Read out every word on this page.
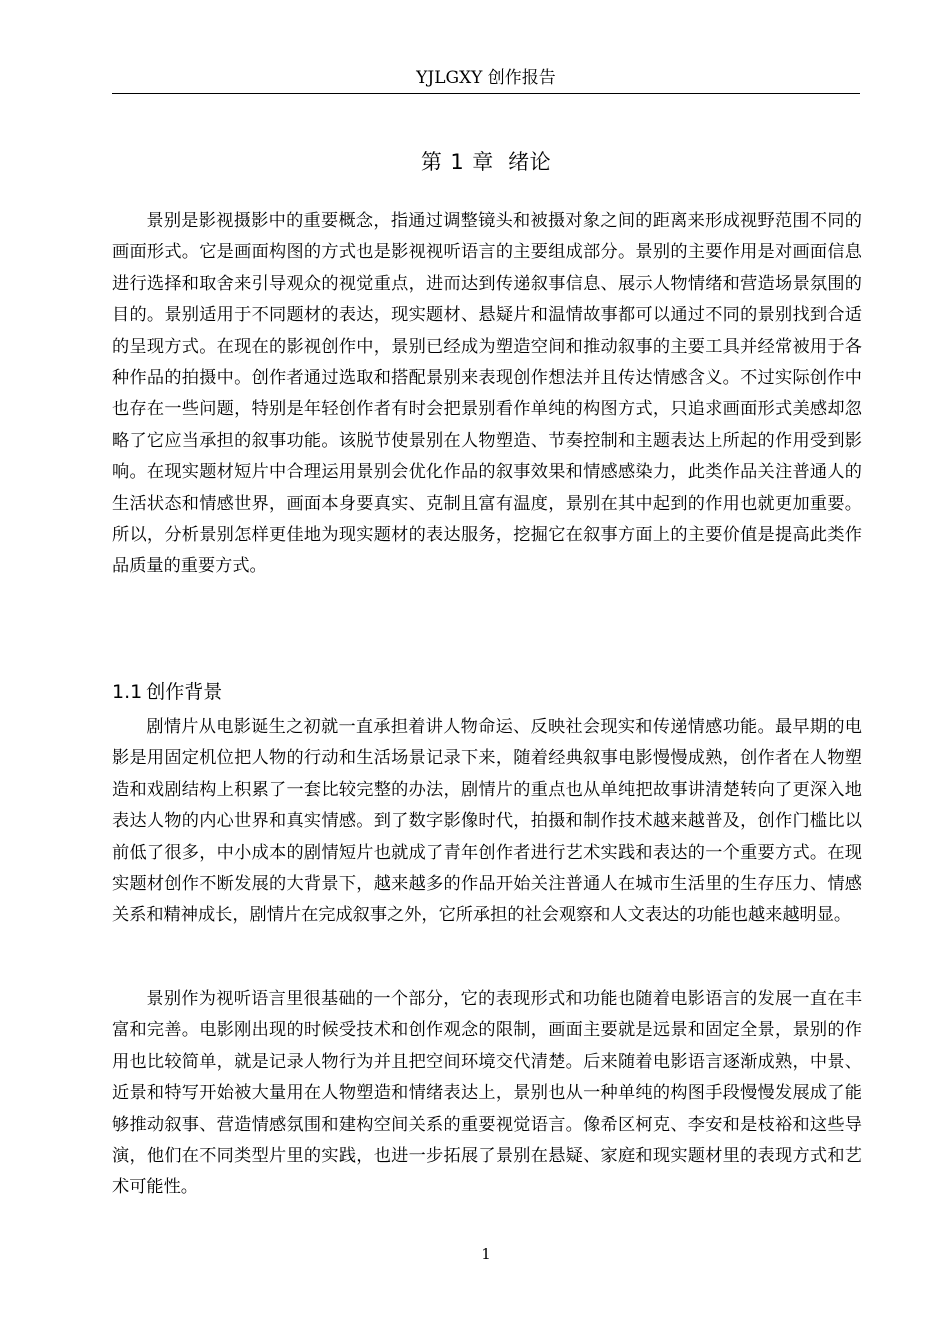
YJLGXY 创作报告
第 1 章 绪论

景别是影视摄影中的重要概念，指通过调整镜头和被摄对象之间的距离来形成视野范围不同的画面形式。它是画面构图的方式也是影视视听语言的主要组成部分。景别的主要作用是对画面信息进行选择和取舍来引导观众的视觉重点，进而达到传递叙事信息、展示人物情绪和营造场景氛围的目的。景别适用于不同题材的表达，现实题材、悬疑片和温情故事都可以通过不同的景别找到合适的呈现方式。在现在的影视创作中，景别已经成为塑造空间和推动叙事的主要工具并经常被用于各种作品的拍摄中。创作者通过选取和搭配景别来表现创作想法并且传达情感含义。不过实际创作中也存在一些问题，特别是年轻创作者有时会把景别看作单纯的构图方式，只追求画面形式美感却忽略了它应当承担的叙事功能。该脱节使景别在人物塑造、节奏控制和主题表达上所起的作用受到影响。在现实题材短片中合理运用景别会优化作品的叙事效果和情感感染力，此类作品关注普通人的生活状态和情感世界，画面本身要真实、克制且富有温度，景别在其中起到的作用也就更加重要。所以，分析景别怎样更佳地为现实题材的表达服务，挖掘它在叙事方面上的主要价值是提高此类作品质量的重要方式。

1.1 创作背景

剧情片从电影诞生之初就一直承担着讲人物命运、反映社会现实和传递情感功能。最早期的电影是用固定机位把人物的行动和生活场景记录下来，随着经典叙事电影慢慢成熟，创作者在人物塑造和戏剧结构上积累了一套比较完整的办法，剧情片的重点也从单纯把故事讲清楚转向了更深入地表达人物的内心世界和真实情感。到了数字影像时代，拍摄和制作技术越来越普及，创作门槛比以前低了很多，中小成本的剧情短片也就成了青年创作者进行艺术实践和表达的一个重要方式。在现实题材创作不断发展的大背景下，越来越多的作品开始关注普通人在城市生活里的生存压力、情感关系和精神成长，剧情片在完成叙事之外，它所承担的社会观察和人文表达的功能也越来越明显。

景别作为视听语言里很基础的一个部分，它的表现形式和功能也随着电影语言的发展一直在丰富和完善。电影刚出现的时候受技术和创作观念的限制，画面主要就是远景和固定全景，景别的作用也比较简单，就是记录人物行为并且把空间环境交代清楚。后来随着电影语言逐渐成熟，中景、近景和特写开始被大量用在人物塑造和情绪表达上，景别也从一种单纯的构图手段慢慢发展成了能够推动叙事、营造情感氛围和建构空间关系的重要视觉语言。像希区柯克、李安和是枝裕和这些导演，他们在不同类型片里的实践，也进一步拓展了景别在悬疑、家庭和现实题材里的表现方式和艺术可能性。

1
